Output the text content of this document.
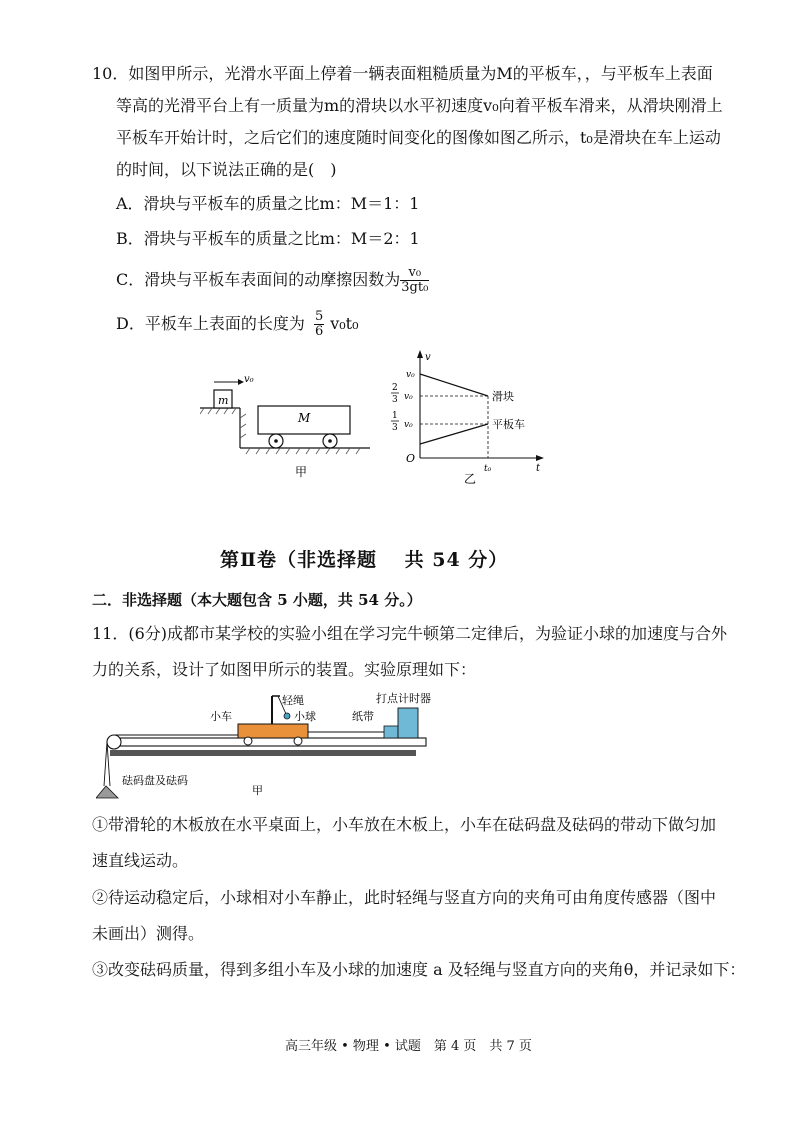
10．如图甲所示，光滑水平面上停着一辆表面粗糙质量为M的平板车，，与平板车上表面
等高的光滑平台上有一质量为m的滑块以水平初速度v₀向着平板车滑来，从滑块刚滑上
平板车开始计时，之后它们的速度随时间变化的图像如图乙所示，t₀是滑块在车上运动
的时间，以下说法正确的是(　)
A．滑块与平板车的质量之比m：M＝1：1
B．滑块与平板车的质量之比m：M＝2：1
C．滑块与平板车表面间的动摩擦因数为 $\frac{\text{v₀}}{\text{3gt₀}}$
D．平板车上表面的长度为 $\frac{5}{6} v_0t_0$
m
v₀
M
甲
v
t
O
v₀
2
3 v₀
1
3 v₀
t₀
滑块
平板车
乙
第Ⅱ卷（非选择题　 共 54 分）
二．非选择题（本大题包含 5 小题，共 54 分。）
11．(6分)成都市某学校的实验小组在学习完牛顿第二定律后，为验证小球的加速度与合外
力的关系，设计了如图甲所示的装置。实验原理如下：
砝码盘及砝码
小车
轻绳
小球	纸带
打点计时器
甲
①带滑轮的木板放在水平桌面上，小车放在木板上，小车在砝码盘及砝码的带动下做匀加
速直线运动。
②待运动稳定后，小球相对小车静止，此时轻绳与竖直方向的夹角可由角度传感器（图中
未画出）测得。
③改变砝码质量，得到多组小车及小球的加速度 a 及轻绳与竖直方向的夹角θ，并记录如下：
高三年级 • 物理 • 试题　第 4 页　共 7 页
